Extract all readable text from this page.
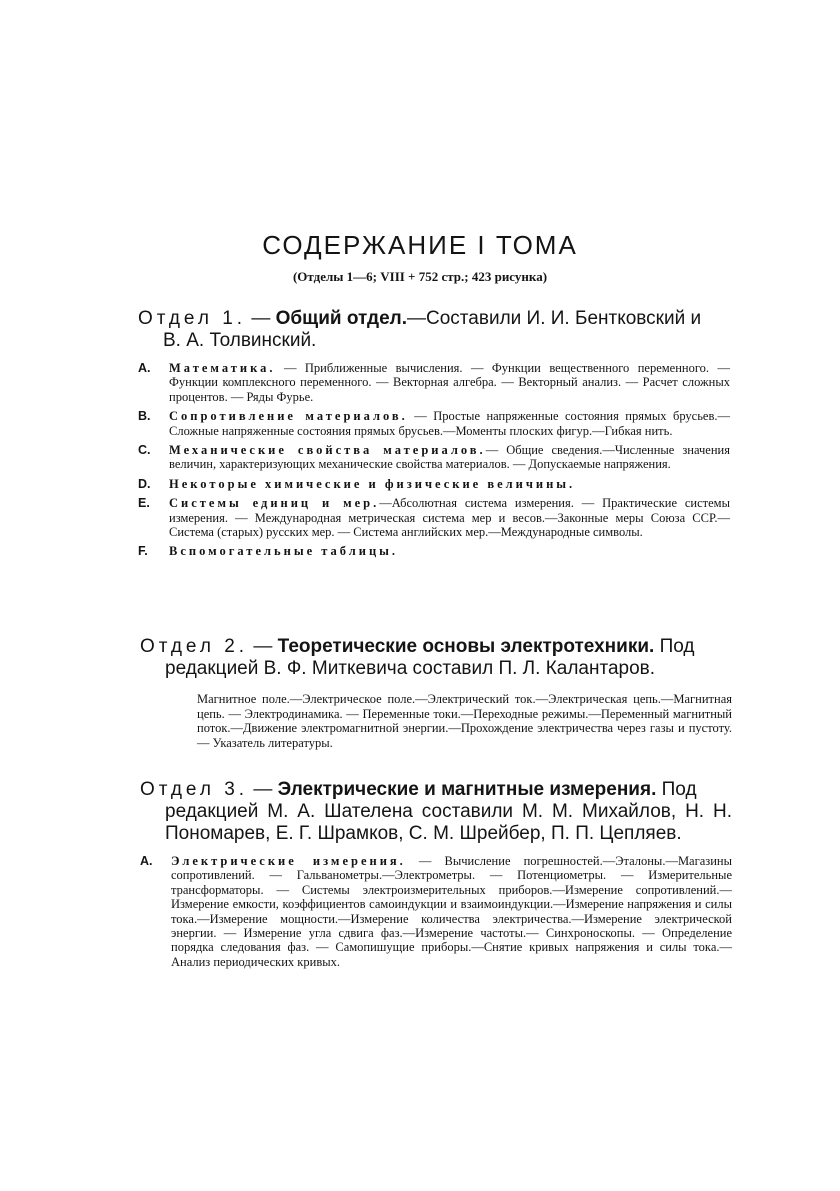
СОДЕРЖАНИЕ I ТОМА

(Отделы 1—6; VIII + 752 стр.; 423 рисунка)

Отдел 1. — Общий отдел.—Составили И. И. Бентковский и
В. А. Толвинский.

A. Математика. — Приближенные вычисления. — Функции вещественного переменного. — Функции комплексного переменного. — Векторная алгебра. — Векторный анализ. — Расчет сложных процентов. — Ряды Фурье.
B. Сопротивление материалов. — Простые напряженные состояния прямых брусьев.—Сложные напряженные состояния прямых брусьев.—Моменты плоских фигур.—Гибкая нить.
C. Механические свойства материалов.— Общие сведения.—Численные значения величин, характеризующих механические свойства материалов. — Допускаемые напряжения.
D. Некоторые химические и физические величины.
E. Системы единиц и мер.—Абсолютная система измерения. — Практические системы измерения. — Международная метрическая система мер и весов.—Законные меры Союза ССР.—Система (старых) русских мер. — Система английских мер.—Международные символы.
F. Вспомогательные таблицы.

Отдел 2. — Теоретические основы электротехники. Под
редакцией В. Ф. Миткевича составил П. Л. Калантаров.

Магнитное поле.—Электрическое поле.—Электрический ток.—Электрическая цепь.—Магнитная цепь. — Электродинамика. — Переменные токи.—Переходные режимы.—Переменный магнитный поток.—Движение электромагнитной энергии.—Прохождение электричества через газы и пустоту. — Указатель литературы.

Отдел 3. — Электрические и магнитные измерения. Под
редакцией М. А. Шателена составили М. М. Михайлов, Н. Н. Пономарев, Е. Г. Шрамков, С. М. Шрейбер, П. П. Цепляев.

A. Электрические измерения. — Вычисление погрешностей.—Эталоны.—Магазины сопротивлений. — Гальванометры.—Электрометры. — Потенциометры. — Измерительные трансформаторы. — Системы электроизмерительных приборов.—Измерение сопротивлений.— Измерение емкости, коэффициентов самоиндукции и взаимоиндукции.—Измерение напряжения и силы тока.—Измерение мощности.—Измерение количества электричества.—Измерение электрической энергии. — Измерение угла сдвига фаз.—Измерение частоты.— Синхроноскопы. — Определение порядка следования фаз. — Самопишущие приборы.—Снятие кривых напряжения и силы тока.—Анализ периодических кривых.
